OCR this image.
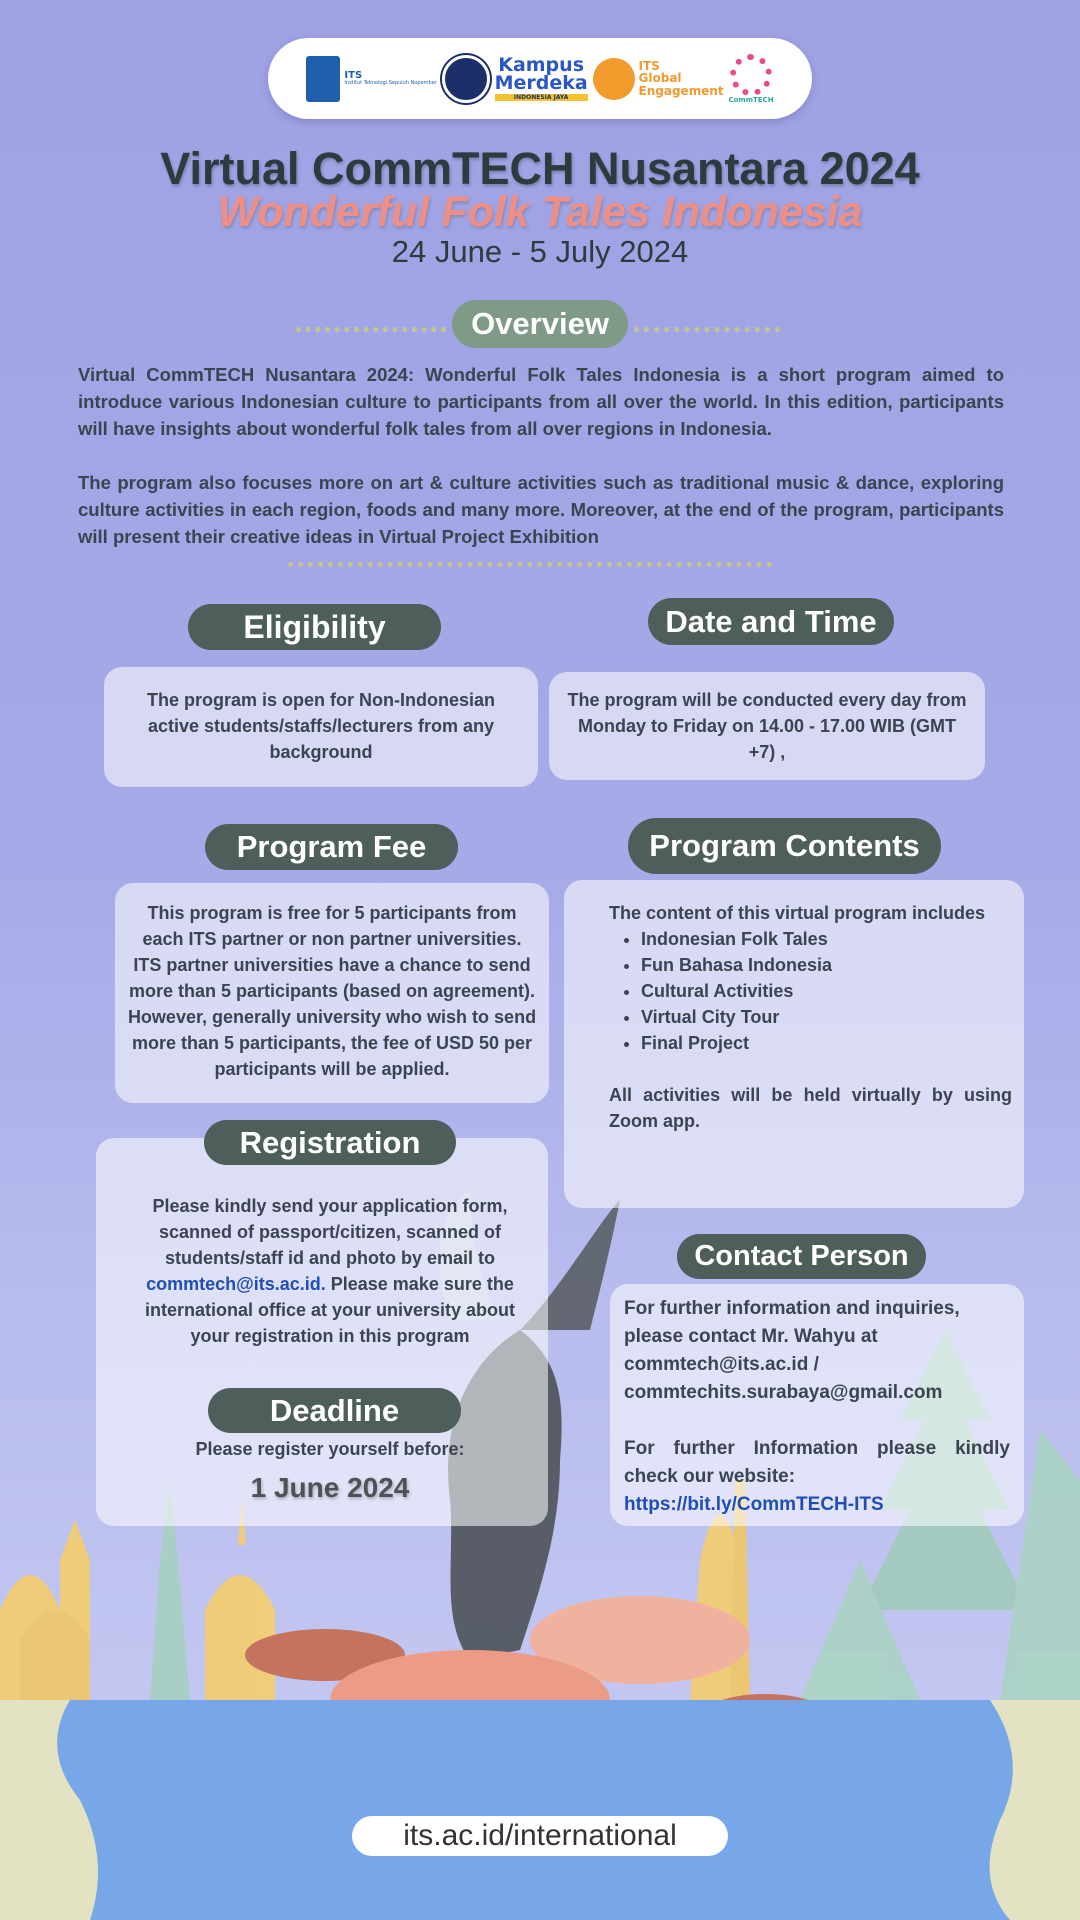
ITS
Institut Teknologi Sepuluh Nopember
Kampus
Merdeka
INDONESIA JAYA
ITS
Global
Engagement
CommTECH
Virtual CommTECH Nusantara 2024
Wonderful Folk Tales Indonesia
24 June - 5 July 2024
Overview
Virtual CommTECH Nusantara 2024: Wonderful Folk Tales Indonesia is a short program aimed to introduce various Indonesian culture to participants from all over the world. In this edition, participants will have insights about wonderful folk tales from all over regions in Indonesia.
The program also focuses more on art & culture activities such as traditional music & dance, exploring culture activities in each region, foods and many more. Moreover, at the end of the program, participants will present their creative ideas in Virtual Project Exhibition
Eligibility
The program is open for Non-Indonesian active students/staffs/lecturers from any background
Date and Time
The program will be conducted every day from Monday to Friday on 14.00 - 17.00 WIB (GMT +7) ,
Program Fee
This program is free for 5 participants from each ITS partner or non partner universities. ITS partner universities have a chance to send more than 5 participants (based on agreement). However, generally university who wish to send more than 5 participants, the fee of USD 50 per participants will be applied.
Program Contents
The content of this virtual program includes
• Indonesian Folk Tales
• Fun Bahasa Indonesia
• Cultural Activities
• Virtual City Tour
• Final Project
All activities will be held virtually by using Zoom app.
Registration
Please kindly send your application form, scanned of passport/citizen, scanned of students/staff id and photo by email to commtech@its.ac.id. Please make sure the international office at your university about your registration in this program
Deadline
Please register yourself before:
1 June 2024
Contact Person
For further information and inquiries, please contact Mr. Wahyu at commtech@its.ac.id / commtechits.surabaya@gmail.com
For further Information please kindly check our website:
https://bit.ly/CommTECH-ITS
its.ac.id/international
